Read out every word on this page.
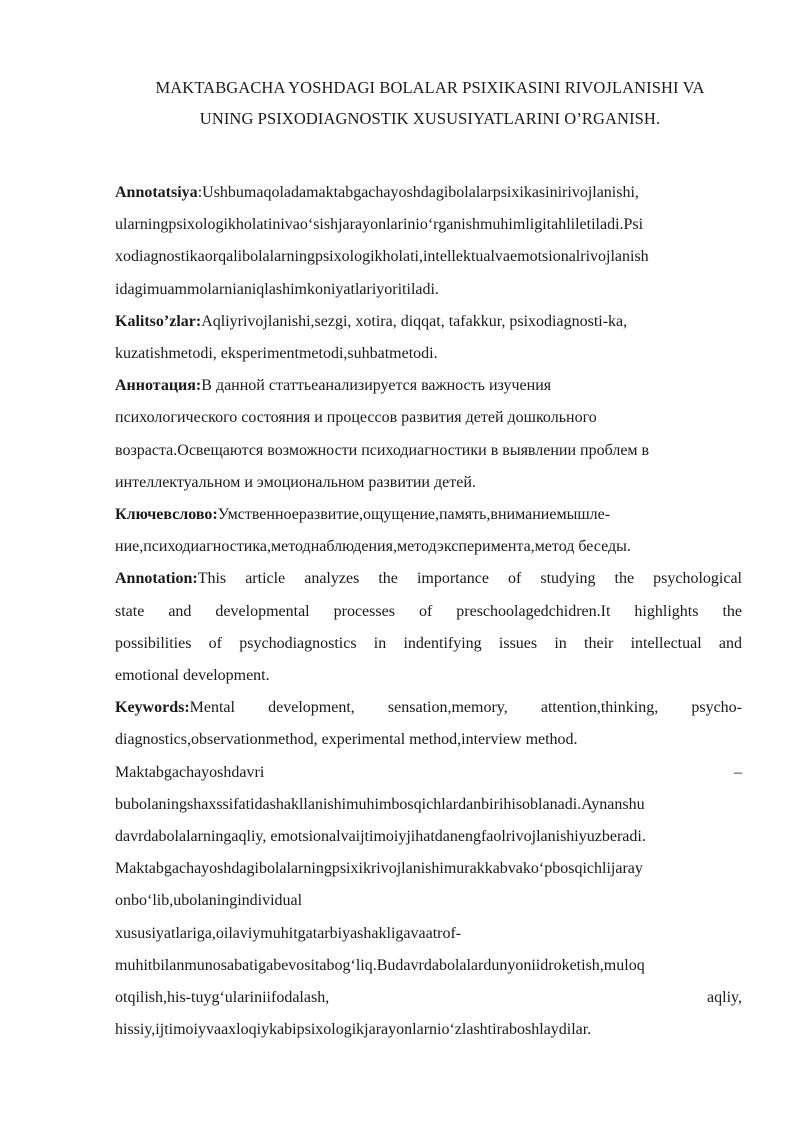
MAKTABGACHA YOSHDAGI BOLALAR PSIXIKASINI RIVOJLANISHI VA
UNING PSIXODIAGNOSTIK XUSUSIYATLARINI O’RGANISH.
Annotatsiya:Ushbumaqoladamaktabgachayoshdagibolalarpsixikasinirivojlanishi,
ularningpsixologikholatinivao‘sishjarayonlarinio‘rganishmuhimligitahliletiladi.Psi
xodiagnostikaorqalibolalarningpsixologikholati,intellektualvaemotsionalrivojlanish
idagimuammolarnianiqlashimkoniyatlariyoritiladi.
Kalitso’zlar:Aqliyrivojlanishi,sezgi, xotira, diqqat, tafakkur, psixodiagnosti-ka,
kuzatishmetodi, eksperimentmetodi,suhbatmetodi.
Аннотация:В данной статтьеанализируется важность изучения
психологического состояния и процессов развития детей дошкольного
возраста.Освещаются возможности психодиагностики в выявлении проблем в
интеллектуальном и эмоциональном развитии детей.
Ключевслово:Умственноеразвитие,ощущение,память,вниманиемышле-
ние,психодиагностика,методнаблюдения,методэксперимента,метод беседы.
Annotation:This article analyzes the importance of studying the psychological
state and developmental processes of preschoolagedchidren.It highlights the
possibilities of psychodiagnostics in indentifying issues in their intellectual and
emotional development.
Keywords:Mental development, sensation,memory, attention,thinking, psycho-
diagnostics,observationmethod, experimental method,interview method.
Maktabgachayoshdavri	–
bubolaningshaxssifatidashakllanishimuhimbosqichlardanbirihisoblanadi.Aynanshu
davrdabolalarningaqliy, emotsionalvaijtimoiyjihatdanengfaolrivojlanishiyuzberadi.
Maktabgachayoshdagibolalarningpsixikrivojlanishimurakkabvako‘pbosqichlijaray
onbo‘lib,ubolaningindividual
xususiyatlariga,oilaviymuhitgatarbiyashakligavaatrof-
muhitbilanmunosabatigabevositabog‘liq.Budavrdabolalardunyoniidroketish,muloq
otqilish,his-tuyg‘ulariniifodalash,	aqliy,
hissiy,ijtimoiyvaaxloqiykabipsixologikjarayonlarnio‘zlashtiraboshlaydilar.
